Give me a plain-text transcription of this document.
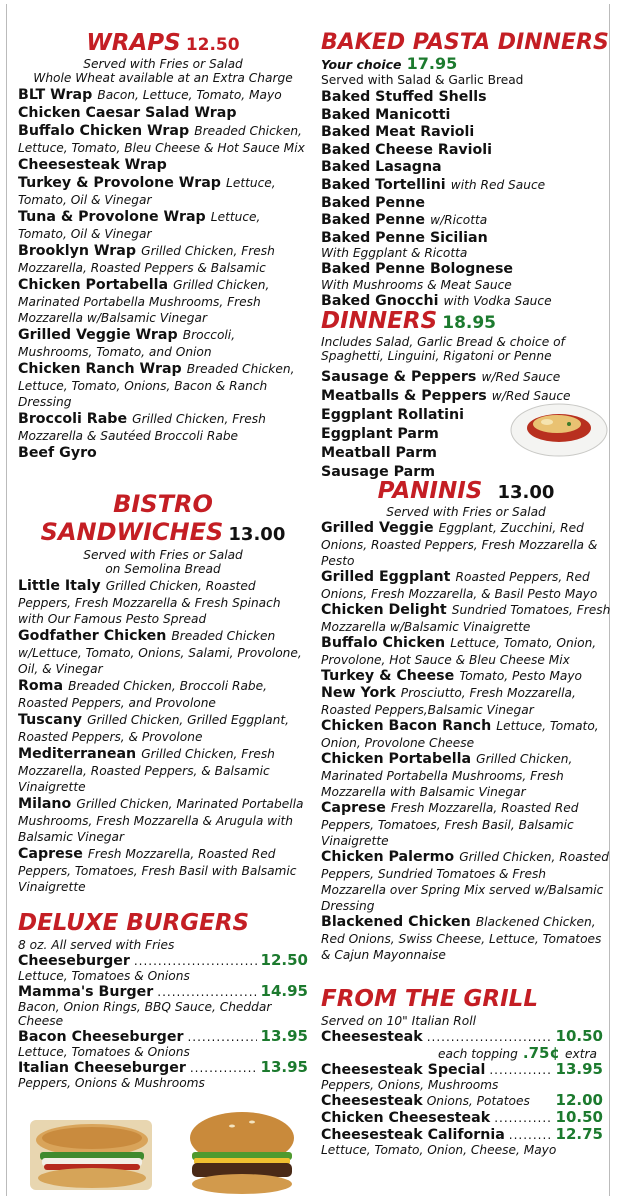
WRAPS 12.50
Served with Fries or Salad
Whole Wheat available at an Extra Charge
BLT Wrap Bacon, Lettuce, Tomato, Mayo
Chicken Caesar Salad Wrap
Buffalo Chicken Wrap Breaded Chicken, Lettuce, Tomato, Bleu Cheese & Hot Sauce Mix
Cheesesteak Wrap
Turkey & Provolone Wrap Lettuce, Tomato, Oil & Vinegar
Tuna & Provolone Wrap Lettuce, Tomato, Oil & Vinegar
Brooklyn Wrap Grilled Chicken, Fresh Mozzarella, Roasted Peppers & Balsamic
Chicken Portabella Grilled Chicken, Marinated Portabella Mushrooms, Fresh Mozzarella w/Balsamic Vinegar
Grilled Veggie Wrap Broccoli, Mushrooms, Tomato, and Onion
Chicken Ranch Wrap Breaded Chicken, Lettuce, Tomato, Onions, Bacon & Ranch Dressing
Broccoli Rabe Grilled Chicken, Fresh Mozzarella & Sautéed Broccoli Rabe
Beef Gyro
BISTRO
SANDWICHES 13.00
Served with Fries or Salad
on Semolina Bread
Little Italy Grilled Chicken, Roasted Peppers, Fresh Mozzarella & Fresh Spinach with Our Famous Pesto Spread
Godfather Chicken Breaded Chicken w/Lettuce, Tomato, Onions, Salami, Provolone, Oil, & Vinegar
Roma Breaded Chicken, Broccoli Rabe, Roasted Peppers, and Provolone
Tuscany Grilled Chicken, Grilled Eggplant, Roasted Peppers, & Provolone
Mediterranean Grilled Chicken, Fresh Mozzarella, Roasted Peppers, & Balsamic Vinaigrette
Milano Grilled Chicken, Marinated Portabella Mushrooms, Fresh Mozzarella & Arugula with Balsamic Vinegar
Caprese Fresh Mozzarella, Roasted Red Peppers, Tomatoes, Fresh Basil with Balsamic Vinaigrette
DELUXE BURGERS
8 oz. All served with Fries
Cheeseburger .....	12.50
Lettuce, Tomatoes & Onions
Mamma's Burger .....	14.95
Bacon, Onion Rings, BBQ Sauce, Cheddar Cheese
Bacon Cheeseburger .....	13.95
Lettuce, Tomatoes & Onions
Italian Cheeseburger .....	13.95
Peppers, Onions & Mushrooms
BAKED PASTA DINNERS
Your choice 17.95
Served with Salad & Garlic Bread
Baked Stuffed Shells
Baked Manicotti
Baked Meat Ravioli
Baked Cheese Ravioli
Baked Lasagna
Baked Tortellini with Red Sauce
Baked Penne
Baked Penne w/Ricotta
Baked Penne Sicilian
With Eggplant & Ricotta
Baked Penne Bolognese
With Mushrooms & Meat Sauce
Baked Gnocchi with Vodka Sauce
DINNERS 18.95
Includes Salad, Garlic Bread & choice of Spaghetti, Linguini, Rigatoni or Penne
Sausage & Peppers w/Red Sauce
Meatballs & Peppers w/Red Sauce
Eggplant Rollatini
Eggplant Parm
Meatball Parm
Sausage Parm
PANINIS 13.00
Served with Fries or Salad
Grilled Veggie Eggplant, Zucchini, Red Onions, Roasted Peppers, Fresh Mozzarella & Pesto
Grilled Eggplant Roasted Peppers, Red Onions, Fresh Mozzarella, & Basil Pesto Mayo
Chicken Delight Sundried Tomatoes, Fresh Mozzarella w/Balsamic Vinaigrette
Buffalo Chicken Lettuce, Tomato, Onion, Provolone, Hot Sauce & Bleu Cheese Mix
Turkey & Cheese Tomato, Pesto Mayo
New York Prosciutto, Fresh Mozzarella, Roasted Peppers,Balsamic Vinegar
Chicken Bacon Ranch Lettuce, Tomato, Onion, Provolone Cheese
Chicken Portabella Grilled Chicken, Marinated Portabella Mushrooms, Fresh Mozzarella with Balsamic Vinegar
Caprese Fresh Mozzarella, Roasted Red Peppers, Tomatoes, Fresh Basil, Balsamic Vinaigrette
Chicken Palermo Grilled Chicken, Roasted Peppers, Sundried Tomatoes & Fresh Mozzarella over Spring Mix served w/Balsamic Dressing
Blackened Chicken Blackened Chicken, Red Onions, Swiss Cheese, Lettuce, Tomatoes & Cajun Mayonnaise
FROM THE GRILL
Served on 10" Italian Roll
Cheesesteak .....	10.50
each topping .75¢ extra
Cheesesteak Special .....	13.95
Peppers, Onions, Mushrooms
Cheesesteak Onions, Potatoes	12.00
Chicken Cheesesteak .....	10.50
Cheesesteak California .....	12.75
Lettuce, Tomato, Onion, Cheese, Mayo
